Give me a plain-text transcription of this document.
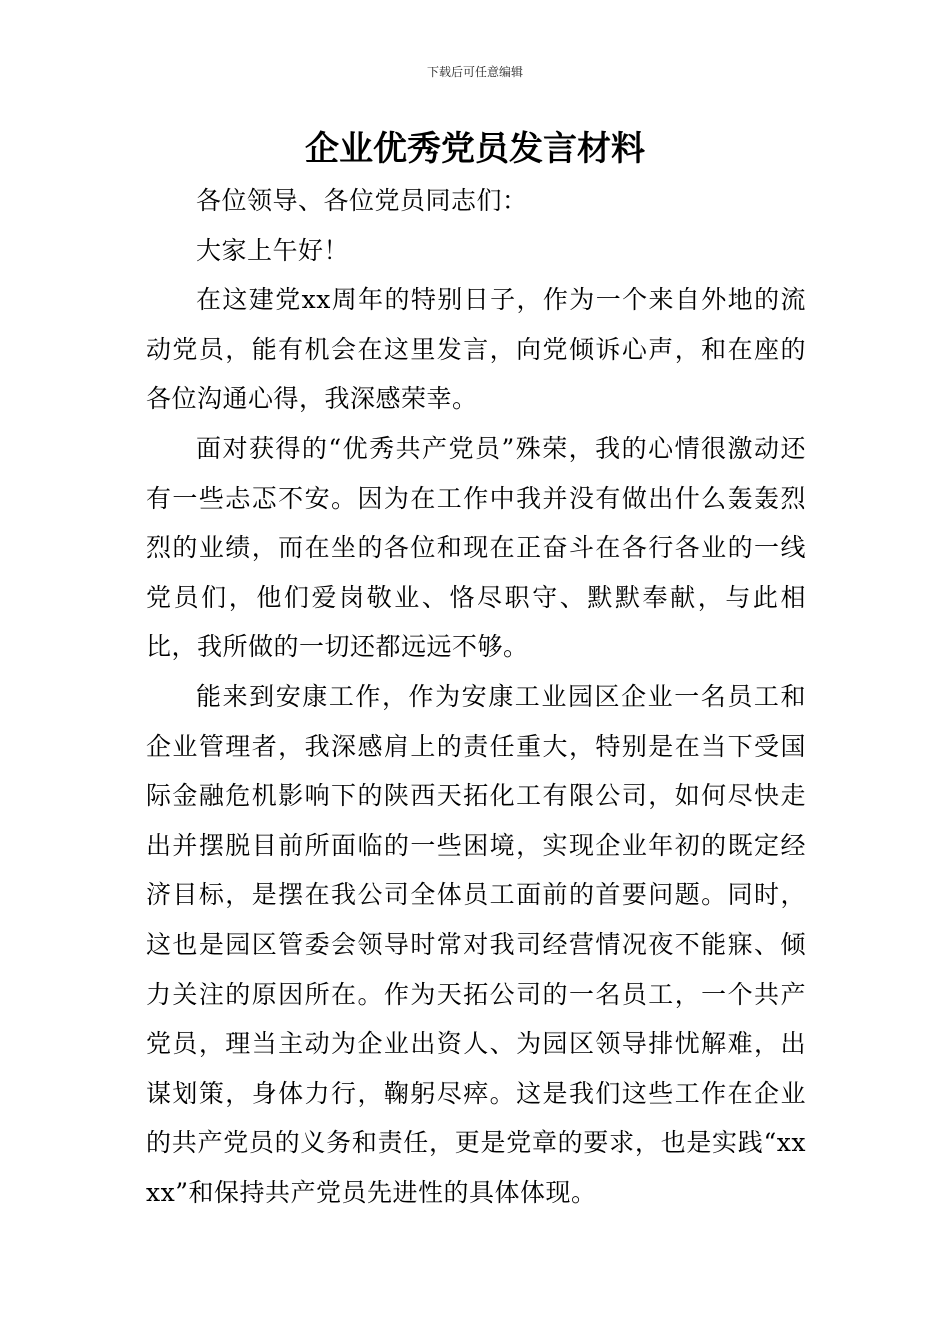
下载后可任意编辑
企业优秀党员发言材料

各位领导、各位党员同志们：

大家上午好！

在这建党xx周年的特别日子，作为一个来自外地的流动党员，能有机会在这里发言，向党倾诉心声，和在座的各位沟通心得，我深感荣幸。

面对获得的“优秀共产党员”殊荣，我的心情很激动还有一些忐忑不安。因为在工作中我并没有做出什么轰轰烈烈的业绩，而在坐的各位和现在正奋斗在各行各业的一线党员们，他们爱岗敬业、恪尽职守、默默奉献，与此相比，我所做的一切还都远远不够。

能来到安康工作，作为安康工业园区企业一名员工和企业管理者，我深感肩上的责任重大，特别是在当下受国际金融危机影响下的陕西天拓化工有限公司，如何尽快走出并摆脱目前所面临的一些困境，实现企业年初的既定经济目标，是摆在我公司全体员工面前的首要问题。同时，这也是园区管委会领导时常对我司经营情况夜不能寐、倾力关注的原因所在。作为天拓公司的一名员工，一个共产党员，理当主动为企业出资人、为园区领导排忧解难，出谋划策，身体力行，鞠躬尽瘁。这是我们这些工作在企业的共产党员的义务和责任，更是党章的要求，也是实践“xxxx”和保持共产党员先进性的具体体现。
